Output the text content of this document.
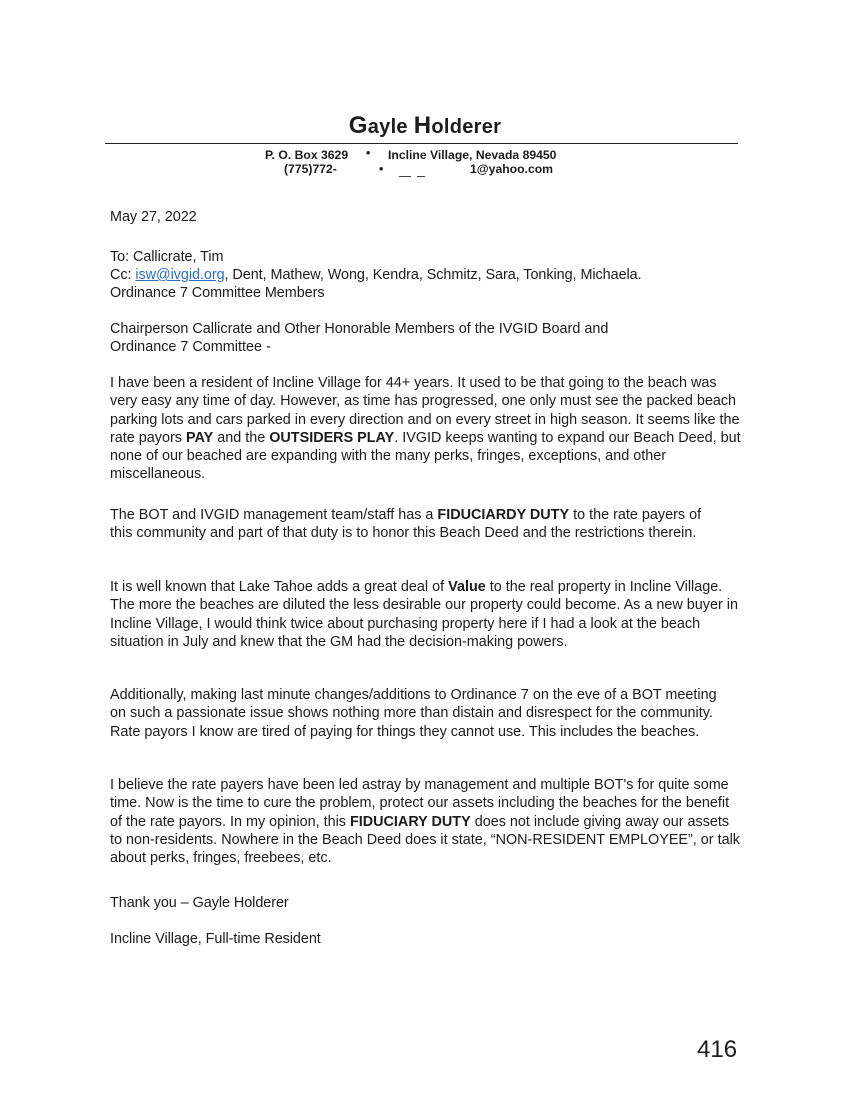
Gayle Holderer
P. O. Box 3629 • Incline Village, Nevada 89450
(775)772-	•	1@yahoo.com
May 27, 2022
To: Callicrate, Tim
Cc: isw@ivgid.org, Dent, Mathew, Wong, Kendra, Schmitz, Sara, Tonking, Michaela.
Ordinance 7 Committee Members
Chairperson Callicrate and Other Honorable Members of the IVGID Board and Ordinance 7 Committee -
I have been a resident of Incline Village for 44+ years. It used to be that going to the beach was very easy any time of day. However, as time has progressed, one only must see the packed beach parking lots and cars parked in every direction and on every street in high season. It seems like the rate payors PAY and the OUTSIDERS PLAY. IVGID keeps wanting to expand our Beach Deed, but none of our beached are expanding with the many perks, fringes, exceptions, and other miscellaneous.
The BOT and IVGID management team/staff has a FIDUCIARDY DUTY to the rate payers of this community and part of that duty is to honor this Beach Deed and the restrictions therein.
It is well known that Lake Tahoe adds a great deal of Value to the real property in Incline Village. The more the beaches are diluted the less desirable our property could become. As a new buyer in Incline Village, I would think twice about purchasing property here if I had a look at the beach situation in July and knew that the GM had the decision-making powers.
Additionally, making last minute changes/additions to Ordinance 7 on the eve of a BOT meeting on such a passionate issue shows nothing more than distain and disrespect for the community. Rate payors I know are tired of paying for things they cannot use. This includes the beaches.
I believe the rate payers have been led astray by management and multiple BOT's for quite some time. Now is the time to cure the problem, protect our assets including the beaches for the benefit of the rate payors. In my opinion, this FIDUCIARY DUTY does not include giving away our assets to non-residents. Nowhere in the Beach Deed does it state, “NON-RESIDENT EMPLOYEE”, or talk about perks, fringes, freebees, etc.
Thank you – Gayle Holderer
Incline Village, Full-time Resident
416
